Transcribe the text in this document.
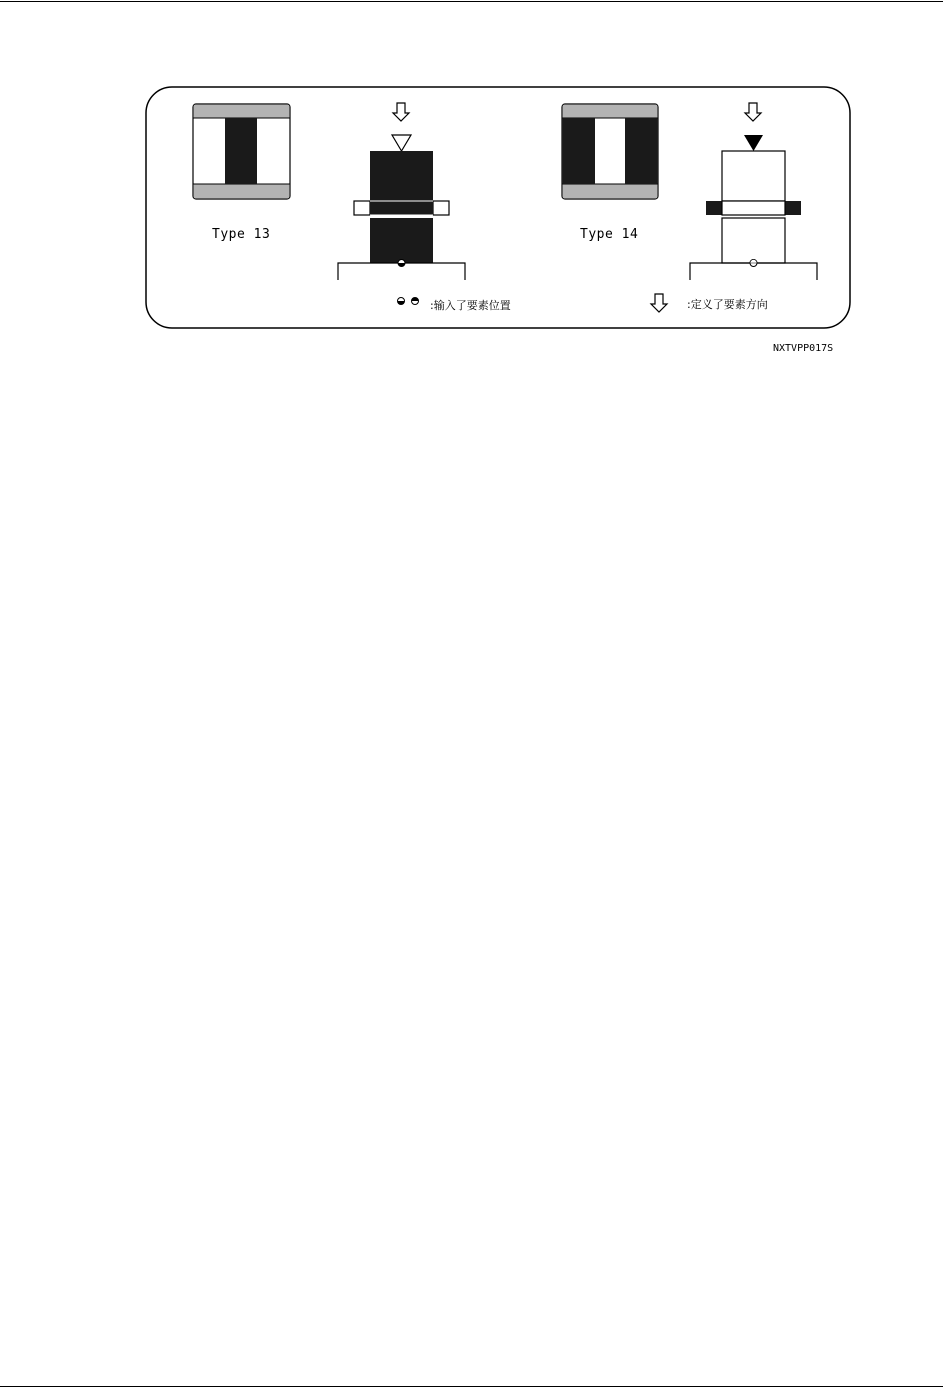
Type 13	Type 14
:输入了要素位置	:定义了要素方向
NXTVPP017S
